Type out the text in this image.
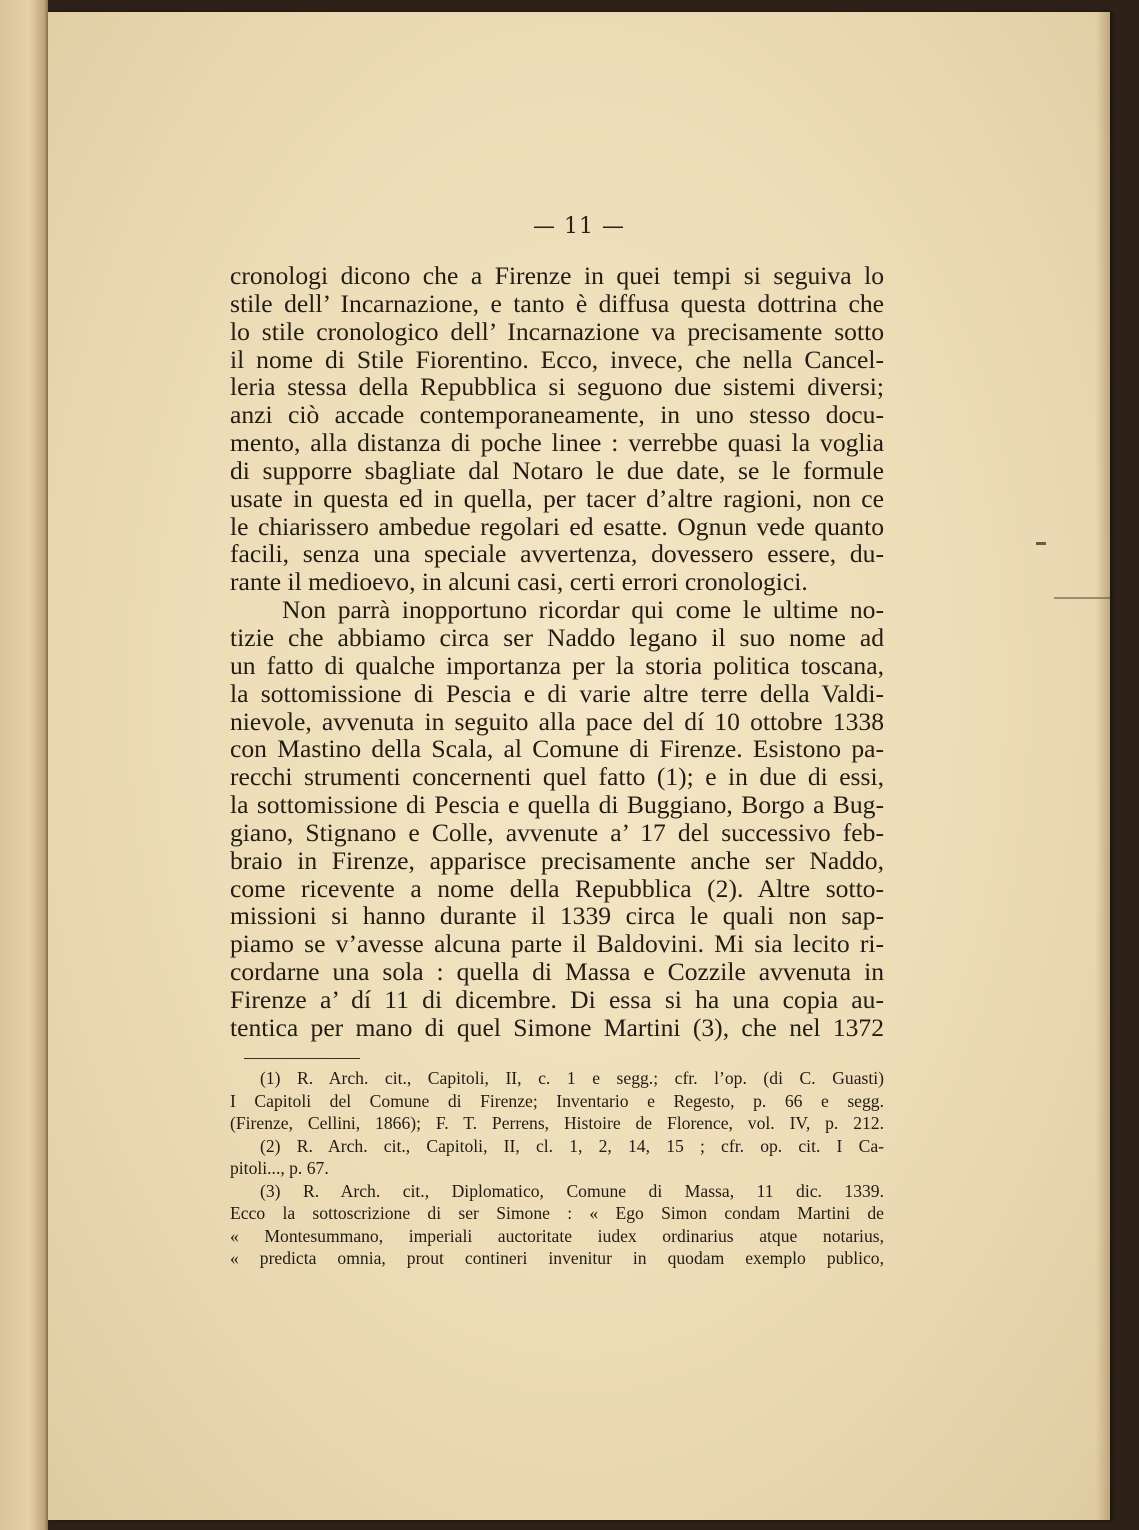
— 11 —
cronologi dicono che a Firenze in quei tempi si seguiva lo
stile dell’ Incarnazione, e tanto è diffusa questa dottrina che
lo stile cronologico dell’ Incarnazione va precisamente sotto
il nome di Stile Fiorentino. Ecco, invece, che nella Cancel-
leria stessa della Repubblica si seguono due sistemi diversi;
anzi ciò accade contemporaneamente, in uno stesso docu-
mento, alla distanza di poche linee : verrebbe quasi la voglia
di supporre sbagliate dal Notaro le due date, se le formule
usate in questa ed in quella, per tacer d’altre ragioni, non ce
le chiarissero ambedue regolari ed esatte. Ognun vede quanto
facili, senza una speciale avvertenza, dovessero essere, du-
rante il medioevo, in alcuni casi, certi errori cronologici.
Non parrà inopportuno ricordar qui come le ultime no-
tizie che abbiamo circa ser Naddo legano il suo nome ad
un fatto di qualche importanza per la storia politica toscana,
la sottomissione di Pescia e di varie altre terre della Valdi-
nievole, avvenuta in seguito alla pace del dí 10 ottobre 1338
con Mastino della Scala, al Comune di Firenze. Esistono pa-
recchi strumenti concernenti quel fatto (1); e in due di essi,
la sottomissione di Pescia e quella di Buggiano, Borgo a Bug-
giano, Stignano e Colle, avvenute a’ 17 del successivo feb-
braio in Firenze, apparisce precisamente anche ser Naddo,
come ricevente a nome della Repubblica (2). Altre sotto-
missioni si hanno durante il 1339 circa le quali non sap-
piamo se v’avesse alcuna parte il Baldovini. Mi sia lecito ri-
cordarne una sola : quella di Massa e Cozzile avvenuta in
Firenze a’ dí 11 di dicembre. Di essa si ha una copia au-
tentica per mano di quel Simone Martini (3), che nel 1372
(1) R. Arch. cit., Capitoli, II, c. 1 e segg.; cfr. l’op. (di C. Guasti)
I Capitoli del Comune di Firenze; Inventario e Regesto, p. 66 e segg.
(Firenze, Cellini, 1866); F. T. Perrens, Histoire de Florence, vol. IV, p. 212.
(2) R. Arch. cit., Capitoli, II, cl. 1, 2, 14, 15 ; cfr. op. cit. I Ca-
pitoli..., p. 67.
(3) R. Arch. cit., Diplomatico, Comune di Massa, 11 dic. 1339.
Ecco la sottoscrizione di ser Simone : « Ego Simon condam Martini de
« Montesummano, imperiali auctoritate iudex ordinarius atque notarius,
« predicta omnia, prout contineri invenitur in quodam exemplo publico,
